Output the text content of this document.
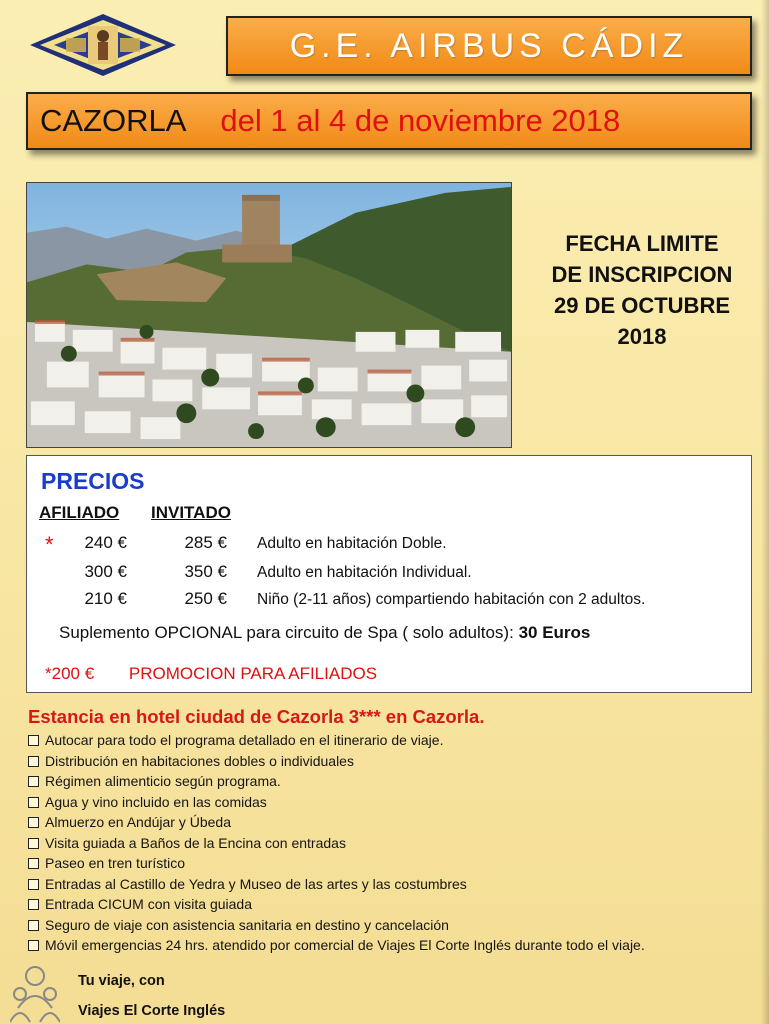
G.E. AIRBUS CÁDIZ
CAZORLA del 1 al 4 de noviembre 2018
FECHA LIMITE
DE INSCRIPCION
29 DE OCTUBRE
2018
PRECIOS
AFILIADO INVITADO
*	240 €	285 € Adulto en habitación Doble.
300 €	350 € Adulto en habitación Individual.
210 €	250 € Niño (2-11 años) compartiendo habitación con 2 adultos.
Suplemento OPCIONAL para circuito de Spa ( solo adultos): 30 Euros
*200 € PROMOCION PARA AFILIADOS
Estancia en hotel ciudad de Cazorla 3*** en Cazorla.
Autocar para todo el programa detallado en el itinerario de viaje.
Distribución en habitaciones dobles o individuales
Régimen alimenticio según programa.
Agua y vino incluido en las comidas
Almuerzo en Andújar y Úbeda
Visita guiada a Baños de la Encina con entradas
Paseo en tren turístico
Entradas al Castillo de Yedra y Museo de las artes y las costumbres
Entrada CICUM con visita guiada
Seguro de viaje con asistencia sanitaria en destino y cancelación
Móvil emergencias 24 hrs. atendido por comercial de Viajes El Corte Inglés durante todo el viaje.
Tu viaje, con
Viajes El Corte Inglés
